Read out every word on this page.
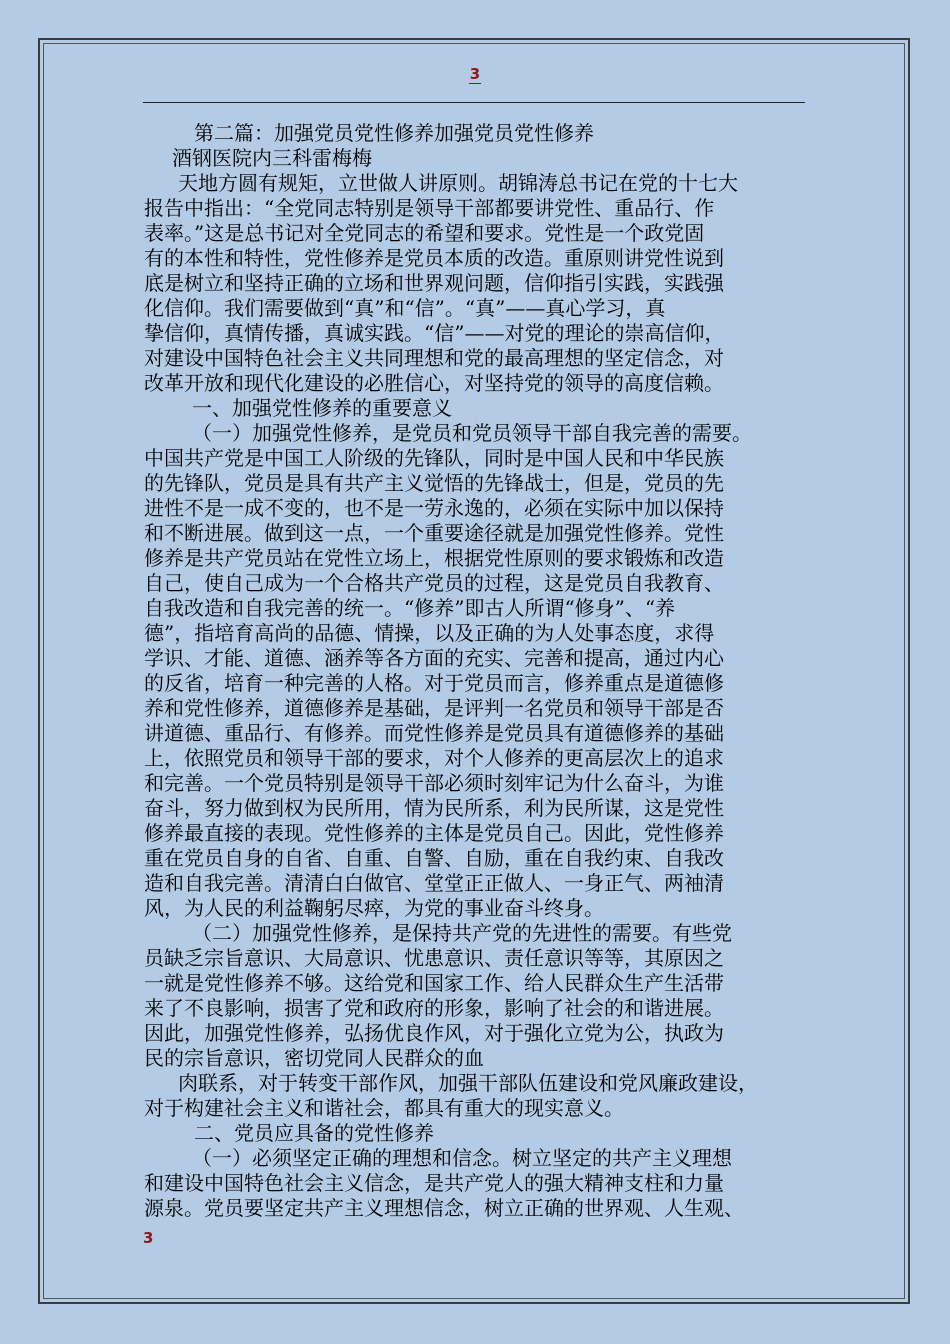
3

第二篇：加强党员党性修养加强党员党性修养

酒钢医院内三科雷梅梅

天地方圆有规矩，立世做人讲原则。胡锦涛总书记在党的十七大

报告中指出：“全党同志特别是领导干部都要讲党性、重品行、作

表率。”这是总书记对全党同志的希望和要求。党性是一个政党固

有的本性和特性，党性修养是党员本质的改造。重原则讲党性说到

底是树立和坚持正确的立场和世界观问题，信仰指引实践，实践强

化信仰。我们需要做到“真”和“信”。“真”——真心学习，真

挚信仰，真情传播，真诚实践。“信”——对党的理论的崇高信仰，

对建设中国特色社会主义共同理想和党的最高理想的坚定信念，对

改革开放和现代化建设的必胜信心，对坚持党的领导的高度信赖。

一、加强党性修养的重要意义

（一）加强党性修养，是党员和党员领导干部自我完善的需要。

中国共产党是中国工人阶级的先锋队，同时是中国人民和中华民族

的先锋队，党员是具有共产主义觉悟的先锋战士，但是，党员的先

进性不是一成不变的，也不是一劳永逸的，必须在实际中加以保持

和不断进展。做到这一点，一个重要途径就是加强党性修养。党性

修养是共产党员站在党性立场上，根据党性原则的要求锻炼和改造

自己，使自己成为一个合格共产党员的过程，这是党员自我教育、

自我改造和自我完善的统一。“修养”即古人所谓“修身”、“养

德”，指培育高尚的品德、情操，以及正确的为人处事态度，求得

学识、才能、道德、涵养等各方面的充实、完善和提高，通过内心

的反省，培育一种完善的人格。对于党员而言，修养重点是道德修

养和党性修养，道德修养是基础，是评判一名党员和领导干部是否

讲道德、重品行、有修养。而党性修养是党员具有道德修养的基础

上，依照党员和领导干部的要求，对个人修养的更高层次上的追求

和完善。一个党员特别是领导干部必须时刻牢记为什么奋斗，为谁

奋斗，努力做到权为民所用，情为民所系，利为民所谋，这是党性

修养最直接的表现。党性修养的主体是党员自己。因此，党性修养

重在党员自身的自省、自重、自警、自励，重在自我约束、自我改

造和自我完善。清清白白做官、堂堂正正做人、一身正气、两袖清

风，为人民的利益鞠躬尽瘁，为党的事业奋斗终身。

（二）加强党性修养，是保持共产党的先进性的需要。有些党

员缺乏宗旨意识、大局意识、忧患意识、责任意识等等，其原因之

一就是党性修养不够。这给党和国家工作、给人民群众生产生活带

来了不良影响，损害了党和政府的形象，影响了社会的和谐进展。

因此，加强党性修养，弘扬优良作风，对于强化立党为公，执政为

民的宗旨意识，密切党同人民群众的血

肉联系，对于转变干部作风，加强干部队伍建设和党风廉政建设，

对于构建社会主义和谐社会，都具有重大的现实意义。

二、党员应具备的党性修养

（一）必须坚定正确的理想和信念。树立坚定的共产主义理想

和建设中国特色社会主义信念，是共产党人的强大精神支柱和力量

源泉。党员要坚定共产主义理想信念，树立正确的世界观、人生观、

3
